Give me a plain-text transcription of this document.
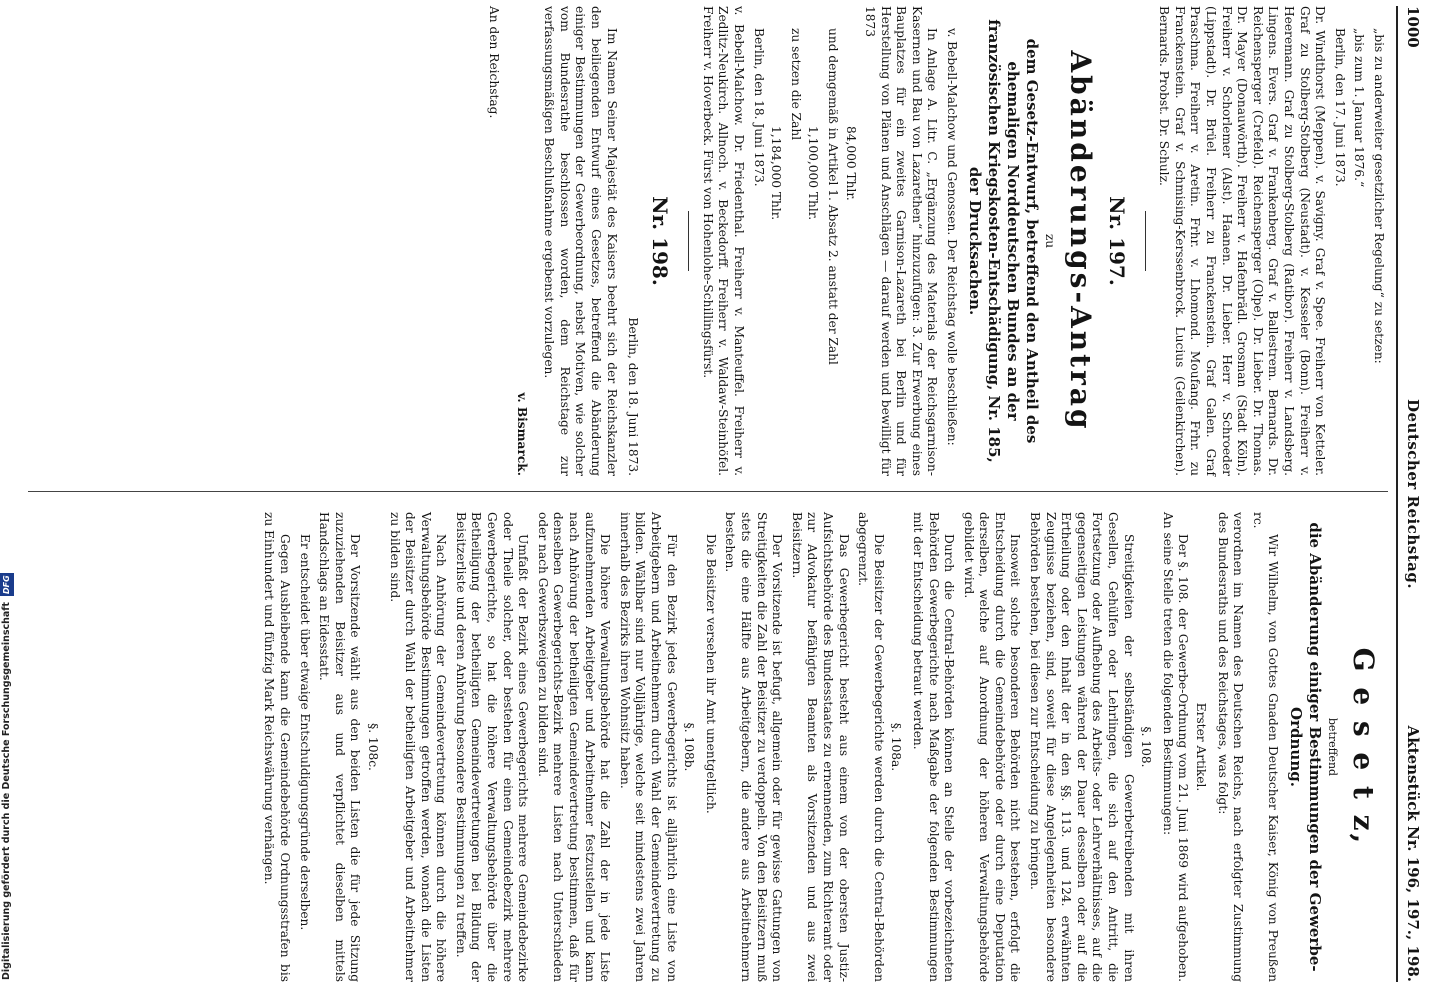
Digitalisierung gefördert durch die Deutsche ForschungsgemeinschaftDFG
1000
Deutscher Reichstag.
Aktenstück Nr. 196, 197., 198.

„bis zu anderweiter gesetzlicher Regelung“ zu setzen:

„bis zum 1. Januar 1876.“

Berlin, den 17. Juni 1873.

Dr. Windthorst (Meppen). v. Savigny. Graf v. Spee. Freiherr von Ketteler. Graf zu Stolberg-Stolberg (Neustadt). v. Kesseler (Bonn). Freiherr v. Heeremann. Graf zu Stolberg-Stolberg (Ratibor). Freiherr v. Landsberg. Lingens. Evers. Graf v. Frankenberg. Graf v. Ballestrem. Bernards. Dr. Reichensperger (Crefeld). Reichensperger (Olpe). Dr. Lieber. Dr. Thomas. Dr. Mayer (Donauwörth). Freiherr v. Hafenbrädl. Grosman (Stadt Köln). Freiherr v. Schorlemer (Alst). Haanen. Dr. Lieber. Herr v. Schroeder (Lippstadt). Dr. Brüel. Freiherr zu Franckenstein. Graf Galen. Graf Praschma. Freiherr v. Aretin. Frhr. v. Lhomond. Moufang. Frhr. zu Franckenstein. Graf v. Schmising-Kerssenbrock. Lucius (Geilenkirchen). Bernards. Probst. Dr. Schulz.

Nr. 197.
Abänderungs-Antrag
zu
dem Gesetz-Entwurf, betreffend den Antheil des ehemaligen Norddeutschen Bundes an der französischen Kriegskosten-Entschädigung, Nr. 185, der Drucksachen.

v. Bebell-Malchow und Genossen. Der Reichstag wolle beschließen:

In Anlage A. Litr. C. „Ergänzung des Materials der Reichsgarnison-Kasernen und Bau von Lazarethen“ hinzuzufügen: 3. Zur Erwerbung eines Bauplatzes für ein zweites Garnison-Lazareth bei Berlin und für Herstellung von Plänen und Anschlägen — darauf werden und bewilligt für 1873

84,000 Thlr.

und demgemäß in Artikel 1. Absatz 2. anstatt der Zahl

1,100,000 Thlr.

zu setzen die Zahl

1,184,000 Thlr.

Berlin, den 18. Juni 1873.

v. Bebell-Malchow. Dr. Friedenthal. Freiherr v. Manteuffel. Freiherr v. Zedlitz-Neukirch. Allnoch. v. Beckedorff. Freiherr v. Waldaw-Steinhöfel. Freiherr v. Hoverbeck. Fürst von Hohenlohe-Schillingsfürst.

Nr. 198.

Berlin, den 18. Juni 1873.

Im Namen Seiner Majestät des Kaisers beehrt sich der Reichskanzler den beiliegenden Entwurf eines Gesetzes, betreffend die Abänderung einiger Bestimmungen der Gewerbeordnung, nebst Motiven, wie solcher vom Bundesrathe beschlossen worden, dem Reichstage zur verfassungsmäßigen Beschlußnahme ergebenst vorzulegen.

v. Bismarck.

An den Reichstag.

G e s e t z,
betreffend
die Abänderung einiger Bestimmungen der Gewerbe-Ordnung.

Wir Wilhelm, von Gottes Gnaden Deutscher Kaiser, König von Preußen rc.

verordnen im Namen des Deutschen Reichs, nach erfolgter Zustimmung des Bundesraths und des Reichstages, was folgt:

Erster Artikel.

Der §. 108. der Gewerbe-Ordnung vom 21. Juni 1869 wird aufgehoben. An seine Stelle treten die folgenden Bestimmungen:

§. 108.

Streitigkeiten der selbständigen Gewerbetreibenden mit ihren Gesellen, Gehülfen oder Lehrlingen, die sich auf den Antritt, die Fortsetzung oder Aufhebung des Arbeits- oder Lehrverhältnisses, auf die gegenseitigen Leistungen während der Dauer desselben oder auf die Ertheilung oder den Inhalt der in den §§. 113. und 124. erwähnten Zeugnisse beziehen, sind, soweit für diese Angelegenheiten besondere Behörden bestehen, bei diesen zur Entscheidung zu bringen.

Insoweit solche besonderen Behörden nicht bestehen, erfolgt die Entscheidung durch die Gemeindebehörde oder durch eine Deputation derselben, welche auf Anordnung der höheren Verwaltungsbehörde gebildet wird.

Durch die Central-Behörden können an Stelle der vorbezeichneten Behörden Gewerbegerichte nach Maßgabe der folgenden Bestimmungen mit der Entscheidung betraut werden.

§. 108a.

Die Beisitzer der Gewerbegerichte werden durch die Central-Behörden abgegrenzt.

Das Gewerbegericht besteht aus einem von der obersten Justiz-Aufsichtsbehörde des Bundesstaates zu ernennenden, zum Richteramt oder zur Advokatur befähigten Beamten als Vorsitzenden und aus zwei Beisitzern.

Der Vorsitzende ist befugt, allgemein oder für gewisse Gattungen von Streitigkeiten die Zahl der Beisitzer zu verdoppeln. Von den Beisitzern muß stets die eine Hälfte aus Arbeitgebern, die andere aus Arbeitnehmern bestehen.

Die Beisitzer versehen ihr Amt unentgeltlich.

§. 108b.

Für den Bezirk jedes Gewerbegerichts ist alljährlich eine Liste von Arbeitgebern und Arbeitnehmern durch Wahl der Gemeindevertretung zu bilden. Wählbar sind nur Volljährige, welche seit mindestens zwei Jahren innerhalb des Bezirks ihren Wohnsitz haben.

Die höhere Verwaltungsbehörde hat die Zahl der in jede Liste aufzunehmenden Arbeitgeber und Arbeitnehmer festzustellen und kann nach Anhörung der betheiligten Gemeindevertretung bestimmen, daß für denselben Gewerbegerichts-Bezirk mehrere Listen nach Unterschieden oder nach Gewerbszweigen zu bilden sind.

Umfaßt der Bezirk eines Gewerbegerichts mehrere Gemeindebezirke oder Theile solcher, oder bestehen für einen Gemeindebezirk mehrere Gewerbegerichte, so hat die höhere Verwaltungsbehörde über die Betheiligung der betheiligten Gemeindevertretungen bei Bildung der Beisitzerliste und deren Anhörung besondere Bestimmungen zu treffen.

Nach Anhörung der Gemeindevertretung können durch die höhere Verwaltungsbehörde Bestimmungen getroffen werden, wonach die Listen der Beisitzer durch Wahl der betheiligten Arbeitgeber und Arbeitnehmer zu bilden sind.

§. 108c.

Der Vorsitzende wählt aus den beiden Listen die für jede Sitzung zuzuziehenden Beisitzer aus und verpflichtet dieselben mittels Handschlags an Eidesstatt.

Er entscheidet über etwaige Entschuldigungsgründe derselben.

Gegen Ausbleibende kann die Gemeindebehörde Ordnungsstrafen bis zu Einhundert und fünfzig Mark Reichswährung verhängen.
